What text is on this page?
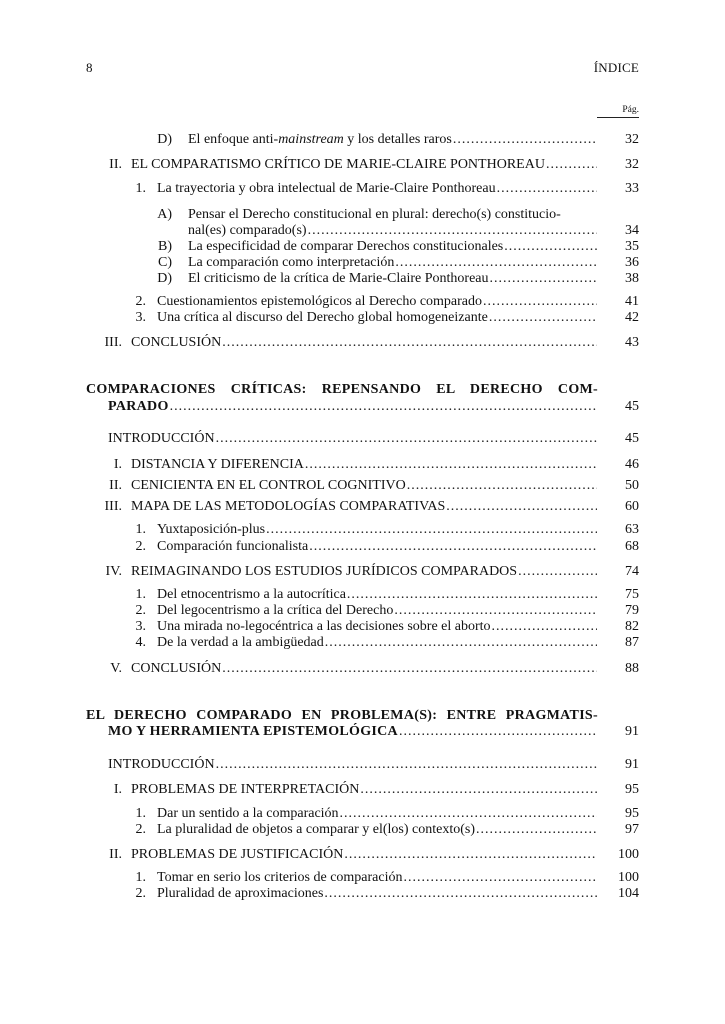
8	ÍNDICE
Pág.
D) El enfoque anti-mainstream y los detalles raros .....	32
II. EL COMPARATISMO CRÍTICO DE MARIE-CLAIRE PONTHOREAU .....	32
1. La trayectoria y obra intelectual de Marie-Claire Ponthoreau .....	33
A) Pensar el Derecho constitucional en plural: derecho(s) constitucio-
nal(es) comparado(s) .....	34
B) La especificidad de comparar Derechos constitucionales .....	35
C) La comparación como interpretación .....	36
D) El criticismo de la crítica de Marie-Claire Ponthoreau .....	38
2. Cuestionamientos epistemológicos al Derecho comparado .....	41
3. Una crítica al discurso del Derecho global homogeneizante .....	42
III. CONCLUSIÓN .....	43
COMPARACIONES CRÍTICAS: REPENSANDO EL DERECHO COM-
PARADO .....	45
INTRODUCCIÓN .....	45
I. DISTANCIA Y DIFERENCIA .....	46
II. CENICIENTA EN EL CONTROL COGNITIVO .....	50
III. MAPA DE LAS METODOLOGÍAS COMPARATIVAS .....	60
1. Yuxtaposición-plus .....	63
2. Comparación funcionalista .....	68
IV. REIMAGINANDO LOS ESTUDIOS JURÍDICOS COMPARADOS .....	74
1. Del etnocentrismo a la autocrítica .....	75
2. Del legocentrismo a la crítica del Derecho .....	79
3. Una mirada no-legocéntrica a las decisiones sobre el aborto .....	82
4. De la verdad a la ambigüedad .....	87
V. CONCLUSIÓN .....	88
EL DERECHO COMPARADO EN PROBLEMA(S): ENTRE PRAGMATIS-
MO Y HERRAMIENTA EPISTEMOLÓGICA .....	91
INTRODUCCIÓN .....	91
I. PROBLEMAS DE INTERPRETACIÓN .....	95
1. Dar un sentido a la comparación .....	95
2. La pluralidad de objetos a comparar y el(los) contexto(s) .....	97
II. PROBLEMAS DE JUSTIFICACIÓN .....	100
1. Tomar en serio los criterios de comparación .....	100
2. Pluralidad de aproximaciones .....	104
